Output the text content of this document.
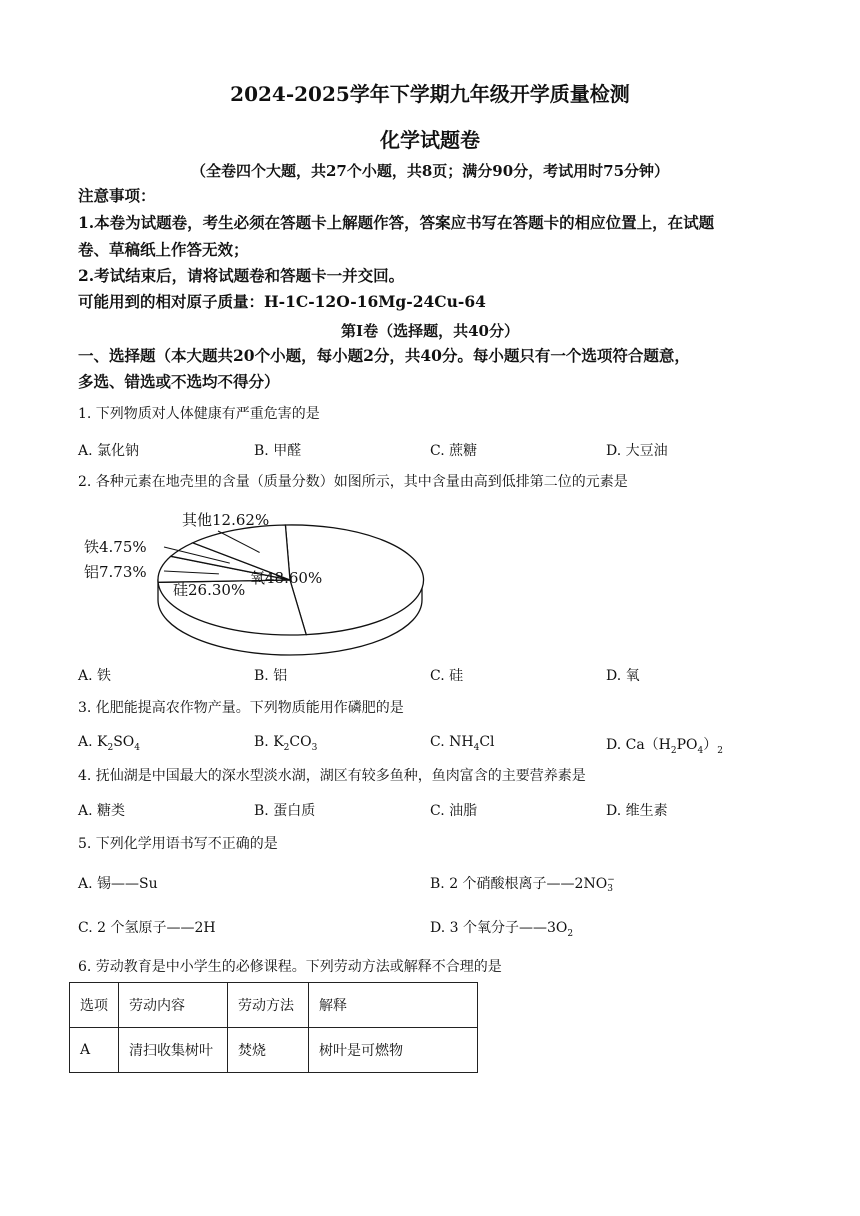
2024-2025学年下学期九年级开学质量检测
化学试题卷
（全卷四个大题，共27个小题，共8页；满分90分，考试用时75分钟）
注意事项：
1.本卷为试题卷，考生必须在答题卡上解题作答，答案应书写在答题卡的相应位置上，在试题
卷、草稿纸上作答无效；
2.考试结束后，请将试题卷和答题卡一并交回。
可能用到的相对原子质量：H-1C-12O-16Mg-24Cu-64
第Ⅰ卷（选择题，共40分）
一、选择题（本大题共20个小题，每小题2分，共40分。每小题只有一个选项符合题意，
多选、错选或不选均不得分）
1. 下列物质对人体健康有严重危害的是
A. 氯化钠	B. 甲醛	C. 蔗糖	D. 大豆油
2. 各种元素在地壳里的含量（质量分数）如图所示，其中含量由高到低排第二位的元素是
氧48.60%
硅26.30%
铝7.73%
铁4.75%
其他12.62%
A. 铁	B. 铝	C. 硅	D. 氧
3. 化肥能提高农作物产量。下列物质能用作磷肥的是
A. $K_2SO_4$	B. $K_2CO_3$	C. $NH_4Cl$	D. $Ca(H_2PO_4)_2$
4. 抚仙湖是中国最大的深水型淡水湖，湖区有较多鱼种，鱼肉富含的主要营养素是
A. 糖类	B. 蛋白质	C. 油脂	D. 维生素
5. 下列化学用语书写不正确的是
A. 锡——Su	B. 2 个硝酸根离子——2NO −
3
C. 2 个氢原子——2H	D. 3 个氧分子$——3O_2$
6. 劳动教育是中小学生的必修课程。下列劳动方法或解释不合理的是
选项	劳动内容	劳动方法	解释
A	清扫收集树叶	焚烧	树叶是可燃物
